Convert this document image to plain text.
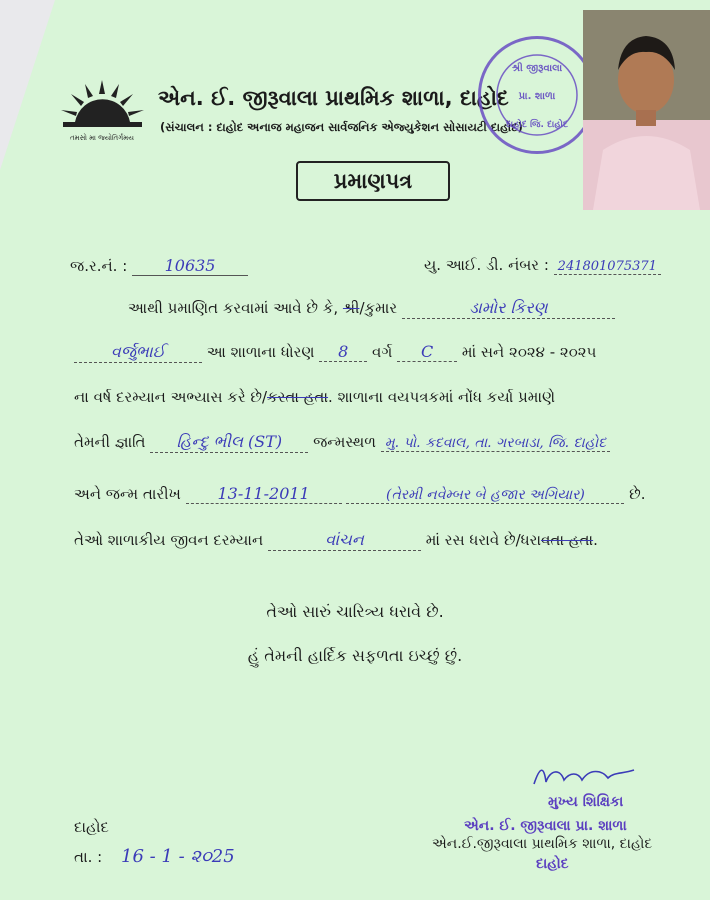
તમસો મા જ્યોતિર્ગમય
એન. ઈ. જીરૂવાલા પ્રાથમિક શાળા, દાહોદ
(સંચાલન : દાહોદ અનાજ મહાજન સાર્વજનિક એજ્યુકેશન સોસાયટી દાહોદ)
શ્રી જીરૂવાલા
પ્રા. શાળા
દાહોદ જિ. દાહોદ
પ્રમાણપત્ર
જ.ર.નં. : 10635	યુ. આઈ. ડી. નંબર : 241801075371
આથી પ્રમાણિત કરવામાં આવે છે કે, શ્રી/કુમાર	ડામોર કિરણ
વર્જુભાઈ	આ શાળાના ધોરણ 8 વર્ગ C માં સને ૨૦૨૪ - ૨૦૨૫
ના વર્ષ દરમ્યાન અભ્યાસ કરે છે/કરતા હતા. શાળાના વયપત્રકમાં નોંધ કર્યા પ્રમાણે
તેમની જ્ઞાતિ હિન્દુ ભીલ (ST) જન્મસ્થળ મુ. પો. કદવાલ, તા. ગરબાડા, જિ. દાહોદ
અને જન્મ તારીખ 13-11-2011	(તેરમી નવેમ્બર બે હજાર અગિયાર)	છે.
તેઓ શાળાકીય જીવન દરમ્યાન	વાંચન	માં રસ ધરાવે છે/ધરાવતા હતા.
તેઓ સારું ચારિત્ર્ય ધરાવે છે.
હું તેમની હાર્દિક સફળતા ઇચ્છું છું.
મુખ્ય શિક્ષિકા
એન. ઈ. જીરૂવાલા પ્રા. શાળા
દાહોદ
એન.ઈ.જીરૂવાલા પ્રાથમિક શાળા, દાહોદ
દાહોદ
તા. : 16 - 1 - ૨૦25
